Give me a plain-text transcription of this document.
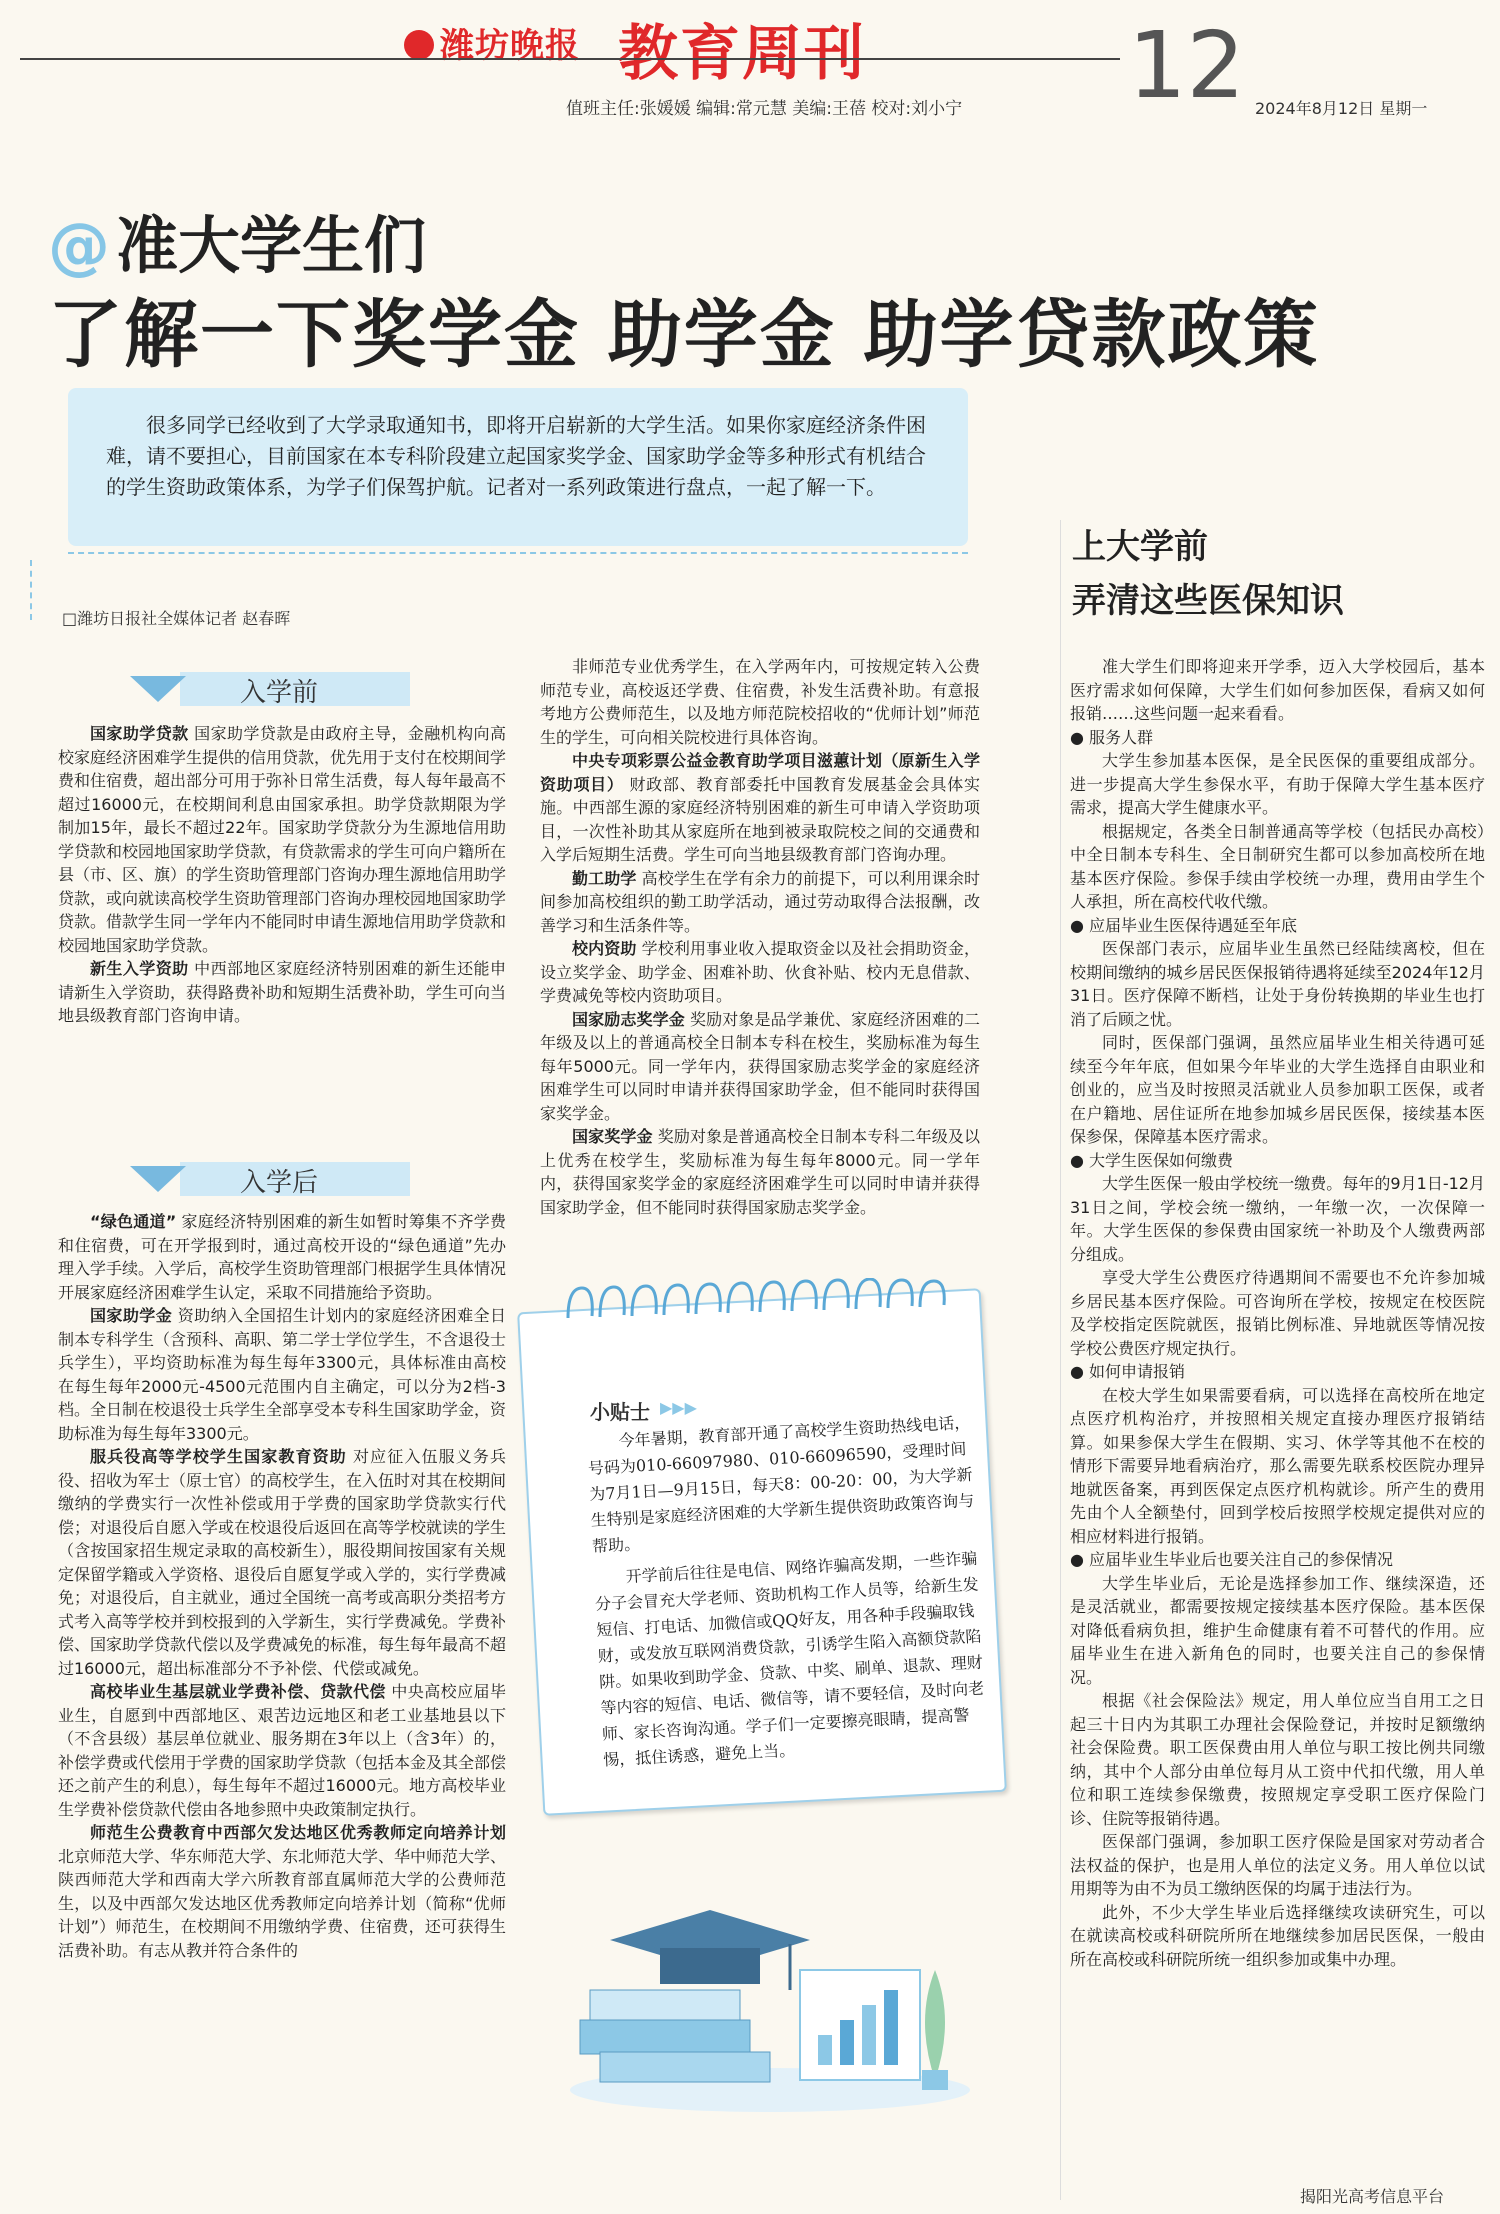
潍坊晚报 教育周刊	12
值班主任:张媛媛 编辑:常元慧 美编:王蓓 校对:刘小宁	2024年8月12日 星期一
@准大学生们
了解一下奖学金 助学金 助学贷款政策
很多同学已经收到了大学录取通知书，即将开启崭新的大学生活。如果你家庭经济条件困难，请不要担心，目前国家在本专科阶段建立起国家奖学金、国家助学金等多种形式有机结合的学生资助政策体系，为学子们保驾护航。记者对一系列政策进行盘点，一起了解一下。
□潍坊日报社全媒体记者 赵春晖
入学前

国家助学贷款 国家助学贷款是由政府主导，金融机构向高校家庭经济困难学生提供的信用贷款，优先用于支付在校期间学费和住宿费，超出部分可用于弥补日常生活费，每人每年最高不超过16000元，在校期间利息由国家承担。助学贷款期限为学制加15年，最长不超过22年。国家助学贷款分为生源地信用助学贷款和校园地国家助学贷款，有贷款需求的学生可向户籍所在县（市、区、旗）的学生资助管理部门咨询办理生源地信用助学贷款，或向就读高校学生资助管理部门咨询办理校园地国家助学贷款。借款学生同一学年内不能同时申请生源地信用助学贷款和校园地国家助学贷款。

新生入学资助 中西部地区家庭经济特别困难的新生还能申请新生入学资助，获得路费补助和短期生活费补助，学生可向当地县级教育部门咨询申请。

入学后

“绿色通道” 家庭经济特别困难的新生如暂时筹集不齐学费和住宿费，可在开学报到时，通过高校开设的“绿色通道”先办理入学手续。入学后，高校学生资助管理部门根据学生具体情况开展家庭经济困难学生认定，采取不同措施给予资助。

国家助学金 资助纳入全国招生计划内的家庭经济困难全日制本专科学生（含预科、高职、第二学士学位学生，不含退役士兵学生），平均资助标准为每生每年3300元，具体标准由高校在每生每年2000元-4500元范围内自主确定，可以分为2档-3档。全日制在校退役士兵学生全部享受本专科生国家助学金，资助标准为每生每年3300元。

服兵役高等学校学生国家教育资助 对应征入伍服义务兵役、招收为军士（原士官）的高校学生，在入伍时对其在校期间缴纳的学费实行一次性补偿或用于学费的国家助学贷款实行代偿；对退役后自愿入学或在校退役后返回在高等学校就读的学生（含按国家招生规定录取的高校新生），服役期间按国家有关规定保留学籍或入学资格、退役后自愿复学或入学的，实行学费减免；对退役后，自主就业，通过全国统一高考或高职分类招考方式考入高等学校并到校报到的入学新生，实行学费减免。学费补偿、国家助学贷款代偿以及学费减免的标准，每生每年最高不超过16000元，超出标准部分不予补偿、代偿或减免。

高校毕业生基层就业学费补偿、贷款代偿 中央高校应届毕业生，自愿到中西部地区、艰苦边远地区和老工业基地县以下（不含县级）基层单位就业、服务期在3年以上（含3年）的，补偿学费或代偿用于学费的国家助学贷款（包括本金及其全部偿还之前产生的利息），每生每年不超过16000元。地方高校毕业生学费补偿贷款代偿由各地参照中央政策制定执行。

师范生公费教育中西部欠发达地区优秀教师定向培养计划 北京师范大学、华东师范大学、东北师范大学、华中师范大学、陕西师范大学和西南大学六所教育部直属师范大学的公费师范生，以及中西部欠发达地区优秀教师定向培养计划（简称“优师计划”）师范生，在校期间不用缴纳学费、住宿费，还可获得生活费补助。有志从教并符合条件的

非师范专业优秀学生，在入学两年内，可按规定转入公费师范专业，高校返还学费、住宿费，补发生活费补助。有意报考地方公费师范生，以及地方师范院校招收的“优师计划”师范生的学生，可向相关院校进行具体咨询。

中央专项彩票公益金教育助学项目滋蕙计划（原新生入学资助项目） 财政部、教育部委托中国教育发展基金会具体实施。中西部生源的家庭经济特别困难的新生可申请入学资助项目，一次性补助其从家庭所在地到被录取院校之间的交通费和入学后短期生活费。学生可向当地县级教育部门咨询办理。

勤工助学 高校学生在学有余力的前提下，可以利用课余时间参加高校组织的勤工助学活动，通过劳动取得合法报酬，改善学习和生活条件等。

校内资助 学校利用事业收入提取资金以及社会捐助资金，设立奖学金、助学金、困难补助、伙食补贴、校内无息借款、学费减免等校内资助项目。

国家励志奖学金 奖励对象是品学兼优、家庭经济困难的二年级及以上的普通高校全日制本专科在校生，奖励标准为每生每年5000元。同一学年内，获得国家励志奖学金的家庭经济困难学生可以同时申请并获得国家助学金，但不能同时获得国家奖学金。

国家奖学金 奖励对象是普通高校全日制本专科二年级及以上优秀在校学生，奖励标准为每生每年8000元。同一学年内，获得国家奖学金的家庭经济困难学生可以同时申请并获得国家助学金，但不能同时获得国家励志奖学金。

小贴士 ▶▶▶

今年暑期，教育部开通了高校学生资助热线电话，号码为010-66097980、010-66096590，受理时间为7月1日—9月15日，每天8：00-20：00，为大学新生特别是家庭经济困难的大学新生提供资助政策咨询与帮助。

开学前后往往是电信、网络诈骗高发期，一些诈骗分子会冒充大学老师、资助机构工作人员等，给新生发短信、打电话、加微信或QQ好友，用各种手段骗取钱财，或发放互联网消费贷款，引诱学生陷入高额贷款陷阱。如果收到助学金、贷款、中奖、刷单、退款、理财等内容的短信、电话、微信等，请不要轻信，及时向老师、家长咨询沟通。学子们一定要擦亮眼睛，提高警惕，抵住诱惑，避免上当。

上大学前
弄清这些医保知识

准大学生们即将迎来开学季，迈入大学校园后，基本医疗需求如何保障，大学生们如何参加医保，看病又如何报销……这些问题一起来看看。

● 服务人群

大学生参加基本医保，是全民医保的重要组成部分。进一步提高大学生参保水平，有助于保障大学生基本医疗需求，提高大学生健康水平。

根据规定，各类全日制普通高等学校（包括民办高校）中全日制本专科生、全日制研究生都可以参加高校所在地基本医疗保险。参保手续由学校统一办理，费用由学生个人承担，所在高校代收代缴。

● 应届毕业生医保待遇延至年底

医保部门表示，应届毕业生虽然已经陆续离校，但在校期间缴纳的城乡居民医保报销待遇将延续至2024年12月31日。医疗保障不断档，让处于身份转换期的毕业生也打消了后顾之忧。

同时，医保部门强调，虽然应届毕业生相关待遇可延续至今年年底，但如果今年毕业的大学生选择自由职业和创业的，应当及时按照灵活就业人员参加职工医保，或者在户籍地、居住证所在地参加城乡居民医保，接续基本医保参保，保障基本医疗需求。

● 大学生医保如何缴费

大学生医保一般由学校统一缴费。每年的9月1日-12月31日之间，学校会统一缴纳，一年缴一次，一次保障一年。大学生医保的参保费由国家统一补助及个人缴费两部分组成。

享受大学生公费医疗待遇期间不需要也不允许参加城乡居民基本医疗保险。可咨询所在学校，按规定在校医院及学校指定医院就医，报销比例标准、异地就医等情况按学校公费医疗规定执行。

● 如何申请报销

在校大学生如果需要看病，可以选择在高校所在地定点医疗机构治疗，并按照相关规定直接办理医疗报销结算。如果参保大学生在假期、实习、休学等其他不在校的情形下需要异地看病治疗，那么需要先联系校医院办理异地就医备案，再到医保定点医疗机构就诊。所产生的费用先由个人全额垫付，回到学校后按照学校规定提供对应的相应材料进行报销。

● 应届毕业生毕业后也要关注自己的参保情况

大学生毕业后，无论是选择参加工作、继续深造，还是灵活就业，都需要按规定接续基本医疗保险。基本医保对降低看病负担，维护生命健康有着不可替代的作用。应届毕业生在进入新角色的同时，也要关注自己的参保情况。

根据《社会保险法》规定，用人单位应当自用工之日起三十日内为其职工办理社会保险登记，并按时足额缴纳社会保险费。职工医保费由用人单位与职工按比例共同缴纳，其中个人部分由单位每月从工资中代扣代缴，用人单位和职工连续参保缴费，按照规定享受职工医疗保险门诊、住院等报销待遇。

医保部门强调，参加职工医疗保险是国家对劳动者合法权益的保护，也是用人单位的法定义务。用人单位以试用期等为由不为员工缴纳医保的均属于违法行为。

此外，不少大学生毕业后选择继续攻读研究生，可以在就读高校或科研院所所在地继续参加居民医保，一般由所在高校或科研院所统一组织参加或集中办理。

揭阳光高考信息平台
